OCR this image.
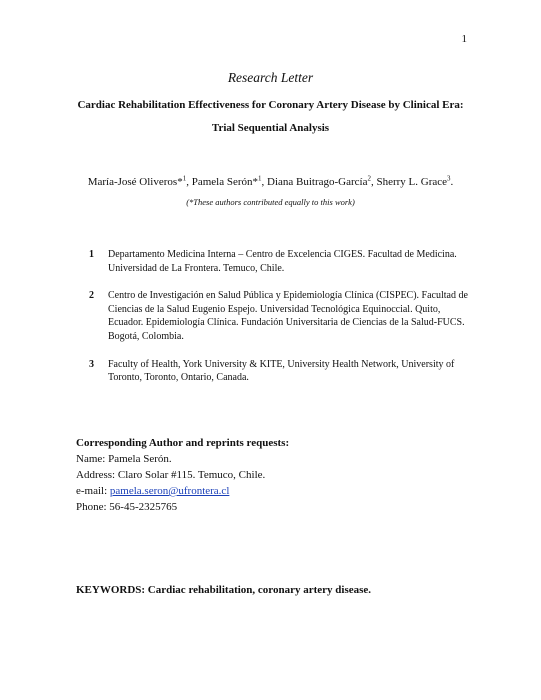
1
Research Letter
Cardiac Rehabilitation Effectiveness for Coronary Artery Disease by Clinical Era:
Trial Sequential Analysis
María-José Oliveros*$^1$, Pamela Serón*$^1$, Diana Buitrago-García$^2$, Sherry L. Grace$^3$.
(*These authors contributed equally to this work)
1 Departamento Medicina Interna – Centro de Excelencia CIGES. Facultad de Medicina. Universidad de La Frontera. Temuco, Chile.
2 Centro de Investigación en Salud Pública y Epidemiología Clínica (CISPEC). Facultad de Ciencias de la Salud Eugenio Espejo. Universidad Tecnológica Equinoccial. Quito, Ecuador. Epidemiología Clínica. Fundación Universitaria de Ciencias de la Salud-FUCS. Bogotá, Colombia.
3 Faculty of Health, York University & KITE, University Health Network, University of Toronto, Toronto, Ontario, Canada.
Corresponding Author and reprints requests:
Name: Pamela Serón.
Address: Claro Solar #115. Temuco, Chile.
e-mail: pamela.seron@ufrontera.cl
Phone: 56-45-2325765
KEYWORDS: Cardiac rehabilitation, coronary artery disease.
